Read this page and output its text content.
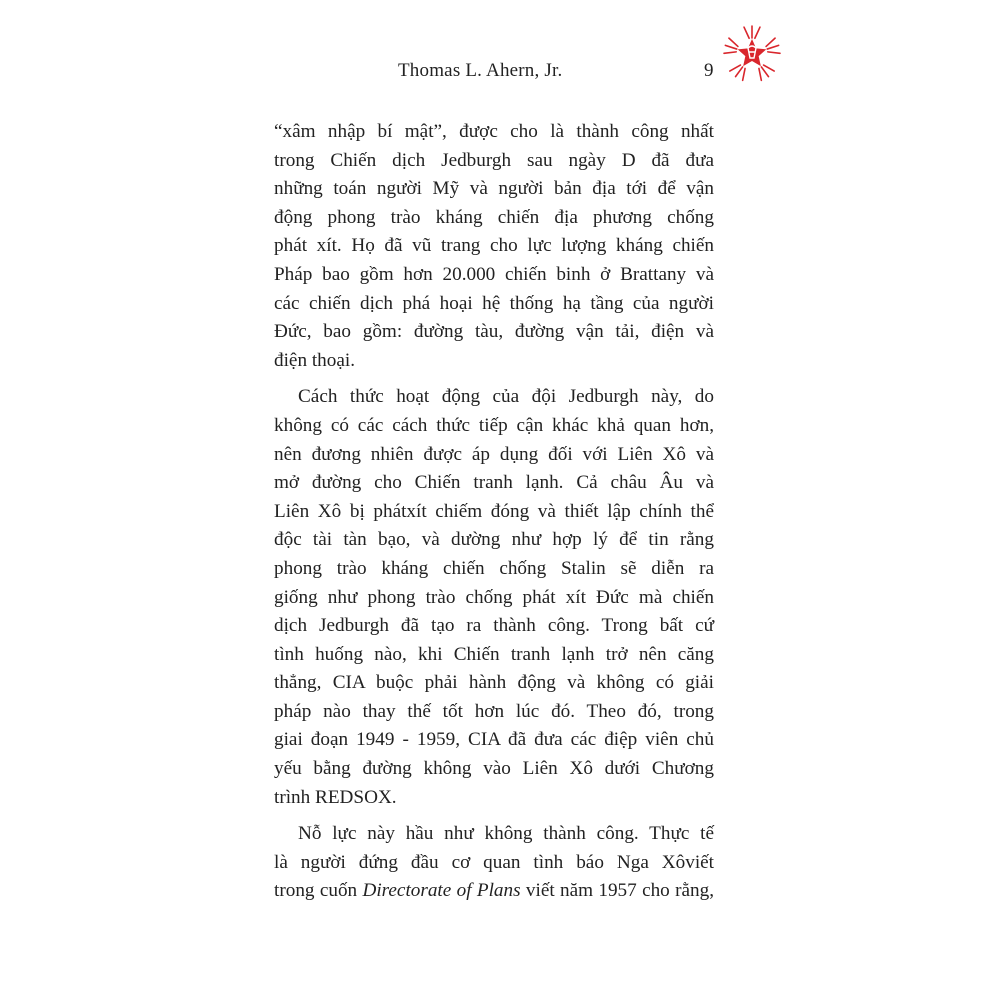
Thomas L. Ahern, Jr.	9
“xâm nhập bí mật”, được cho là thành công nhất
trong Chiến dịch Jedburgh sau ngày D đã đưa
những toán người Mỹ và người bản địa tới để vận
động phong trào kháng chiến địa phương chống
phát xít. Họ đã vũ trang cho lực lượng kháng chiến
Pháp bao gồm hơn 20.000 chiến binh ở Brattany và
các chiến dịch phá hoại hệ thống hạ tầng của người
Đức, bao gồm: đường tàu, đường vận tải, điện và
điện thoại.
Cách thức hoạt động của đội Jedburgh này, do
không có các cách thức tiếp cận khác khả quan hơn,
nên đương nhiên được áp dụng đối với Liên Xô và
mở đường cho Chiến tranh lạnh. Cả châu Âu và
Liên Xô bị phátxít chiếm đóng và thiết lập chính thể
độc tài tàn bạo, và dường như hợp lý để tin rằng
phong trào kháng chiến chống Stalin sẽ diễn ra
giống như phong trào chống phát xít Đức mà chiến
dịch Jedburgh đã tạo ra thành công. Trong bất cứ
tình huống nào, khi Chiến tranh lạnh trở nên căng
thẳng, CIA buộc phải hành động và không có giải
pháp nào thay thế tốt hơn lúc đó. Theo đó, trong
giai đoạn 1949 - 1959, CIA đã đưa các điệp viên chủ
yếu bằng đường không vào Liên Xô dưới Chương
trình REDSOX.
Nỗ lực này hầu như không thành công. Thực tế
là người đứng đầu cơ quan tình báo Nga Xôviết
trong cuốn Directorate of Plans viết năm 1957 cho rằng,
